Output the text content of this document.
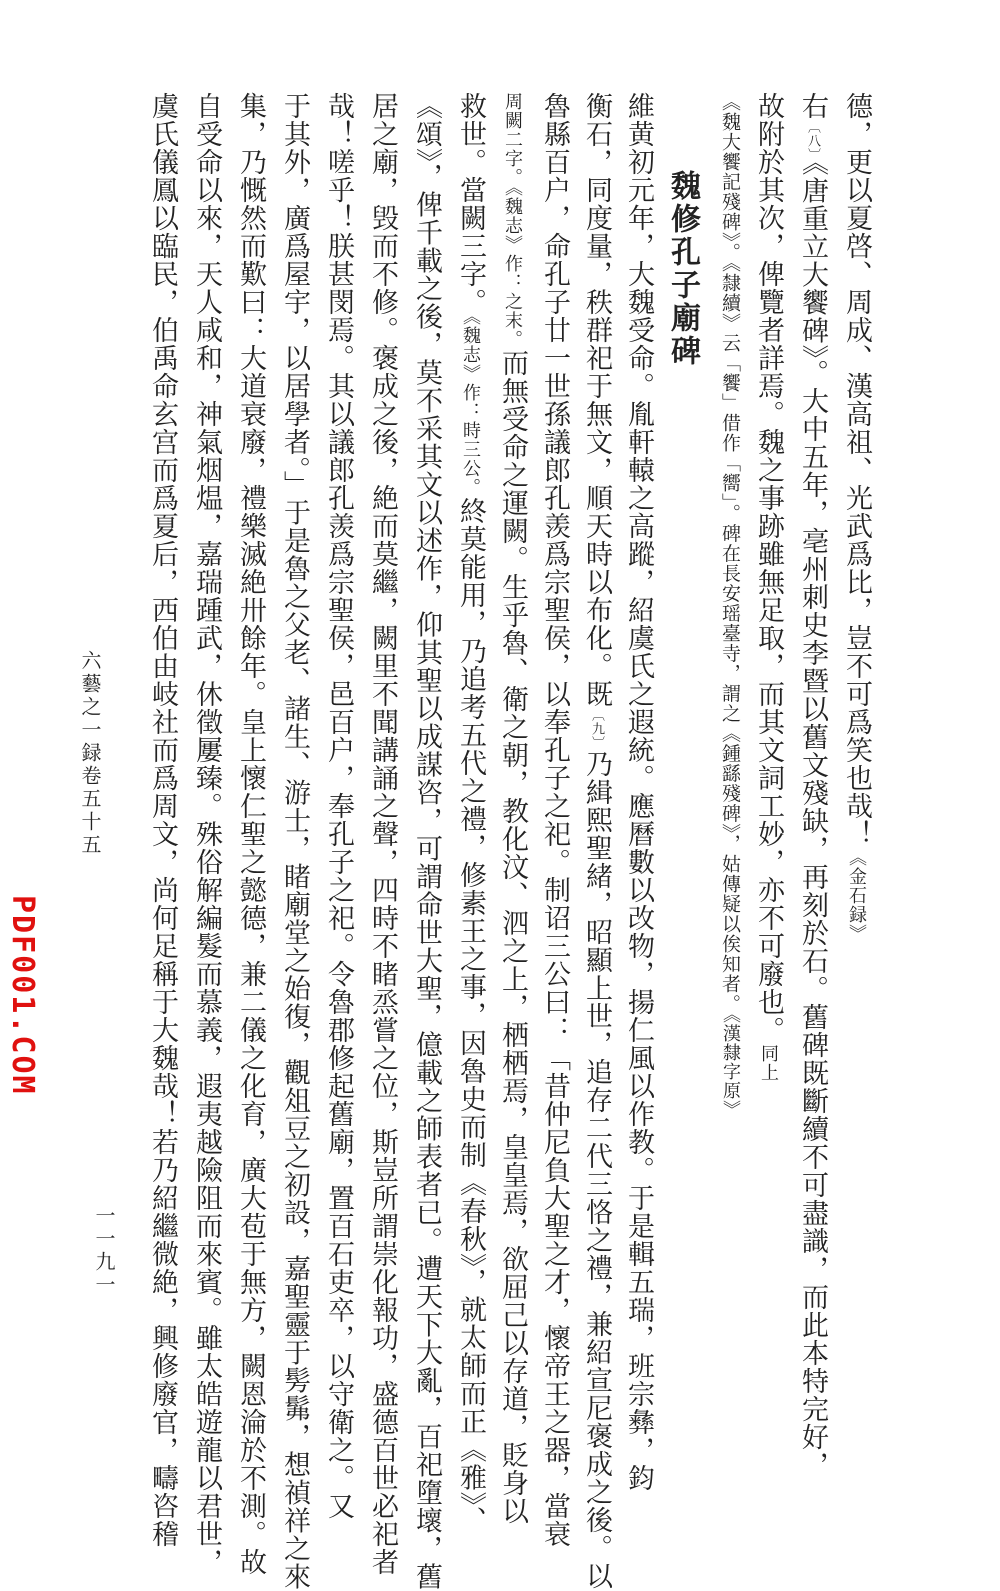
德，更以夏啓、周成、漢高祖、光武爲比，豈不可爲笑也哉！《金石録》
右〔八〕《唐重立大饗碑》。大中五年，亳州刺史李暨以舊文殘缺，再刻於石。舊碑既斷續不可盡識，而此本特完好，
故附於其次，俾覽者詳焉。魏之事跡雖無足取，而其文詞工妙，亦不可廢也。同上
《魏大饗記殘碑》。《隸續》云「饗」借作「嚮」。碑在長安瑶臺寺，謂之《鍾繇殘碑》，姑傳疑以俟知者。《漢隸字原》
魏修孔子廟碑
維黄初元年，大魏受命。胤軒轅之高蹤，紹虞氏之遐統。應曆數以改物，揚仁風以作教。于是輯五瑞，班宗彝，鈞
衡石，同度量，秩群祀于無文，順天時以布化。既〔九〕乃緝熙聖緒，昭顯上世，追存二代三恪之禮，兼紹宣尼褒成之後。以
魯縣百户，命孔子廿一世孫議郎孔羡爲宗聖侯，以奉孔子之祀。制诏三公曰：「昔仲尼負大聖之才，懷帝王之器，當衰
周闕二字。《魏志》作：之末。而無受命之運闕。生乎魯、衛之朝，教化汶、泗之上，栖栖焉，皇皇焉，欲屈己以存道，貶身以
救世。當闕三字。《魏志》作：時三公。終莫能用，乃追考五代之禮，修素王之事，因魯史而制《春秋》，就太師而正《雅》、
《頌》，俾千載之後，莫不采其文以述作，仰其聖以成謀咨，可謂命世大聖，億載之師表者已。遭天下大亂，百祀墮壞，舊
居之廟，毁而不修。褒成之後，絶而莫繼，闕里不聞講誦之聲，四時不睹烝嘗之位，斯豈所謂崇化報功，盛德百世必祀者
哉！嗟乎！朕甚閔焉。其以議郎孔羡爲宗聖侯，邑百户，奉孔子之祀。令魯郡修起舊廟，置百石吏卒，以守衛之。又
于其外，廣爲屋宇，以居學者。」于是魯之父老、諸生、游士，睹廟堂之始復，觀俎豆之初設，嘉聖靈于髣髴，想禎祥之來
集，乃慨然而歎曰：大道衰廢，禮樂滅絶卅餘年。皇上懷仁聖之懿德，兼二儀之化育，廣大苞于無方，闕恩淪於不測。故
自受命以來，天人咸和，神氣烟煴，嘉瑞踵武，休徵屢臻。殊俗解編髮而慕義，遐夷越險阻而來賓。雖太皓遊龍以君世，
虞氏儀鳳以臨民，伯禹命玄宫而爲夏后，西伯由岐社而爲周文，尚何足稱于大魏哉！若乃紹繼微絶，興修廢官，疇咨稽
六藝之一録卷五十五
一一九一
PDF001.COM
